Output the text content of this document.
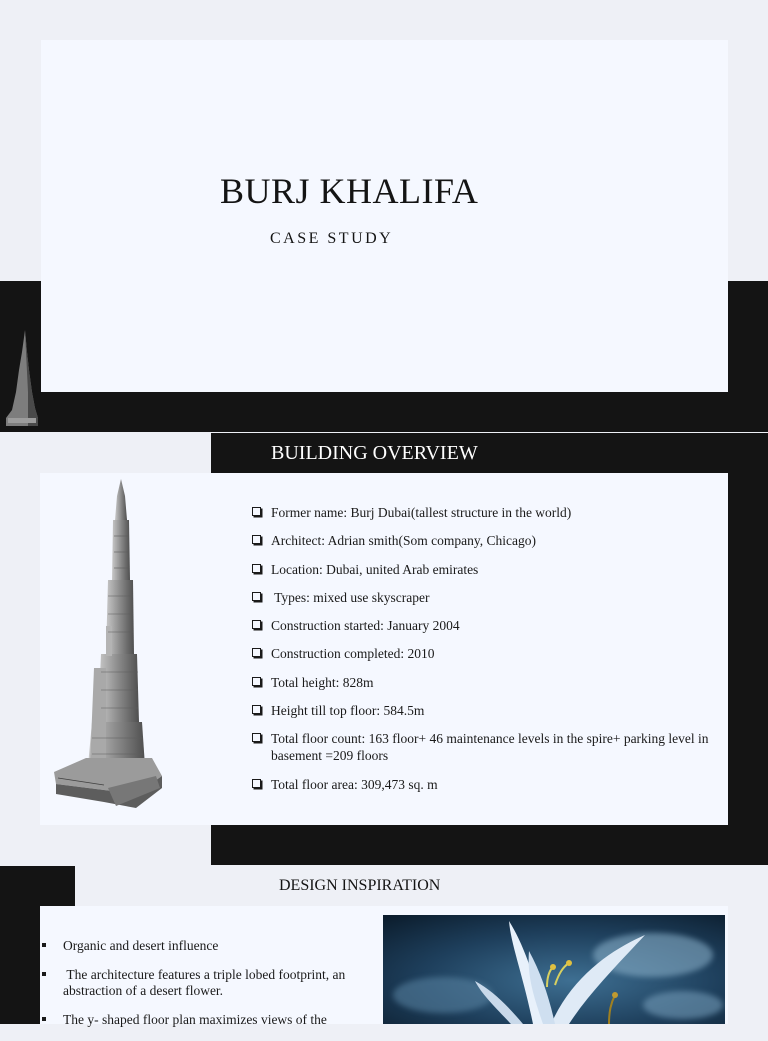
BURJ KHALIFA

CASE STUDY

BUILDING OVERVIEW
Former name: Burj Dubai(tallest structure in the world)
Architect: Adrian smith(Som company, Chicago)
Location: Dubai, united Arab emirates
Types: mixed use skyscraper
Construction started: January 2004
Construction completed: 2010
Total height: 828m
Height till top floor: 584.5m
Total floor count: 163 floor+ 46 maintenance levels in the spire+ parking level in basement =209 floors
Total floor area: 309,473 sq. m
DESIGN INSPIRATION
Organic and desert influence
The architecture features a triple lobed footprint, an abstraction of a desert flower.
The y- shaped floor plan maximizes views of the
